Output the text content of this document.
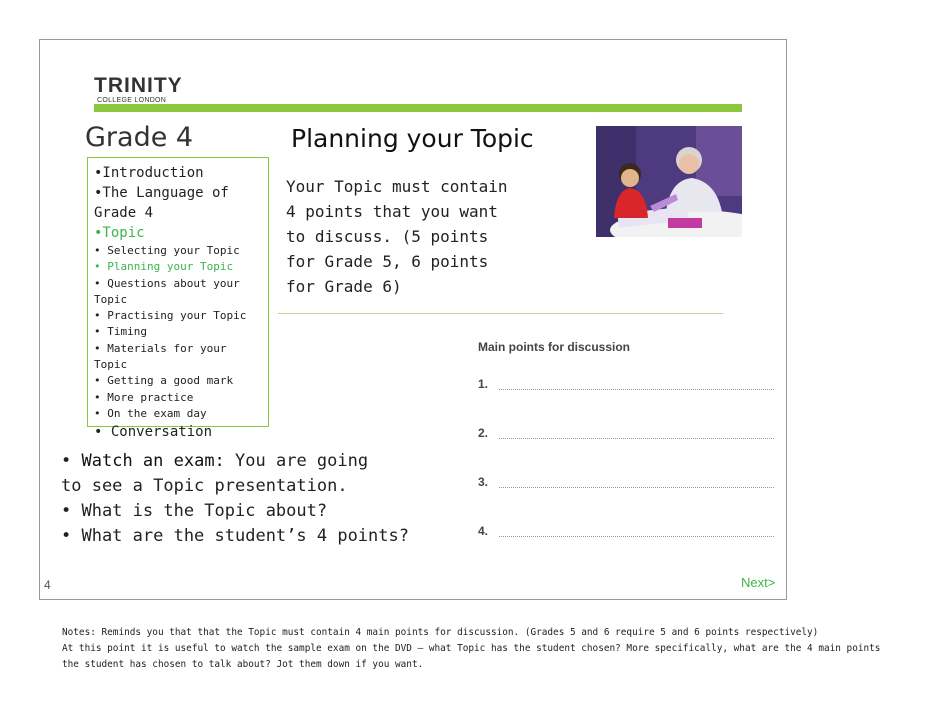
TRINITY
COLLEGE LONDON
Grade 4	Planning your Topic
•Introduction
•The Language of Grade 4
•Topic
• Selecting your Topic
• Planning your Topic
• Questions about your Topic
• Practising your Topic
• Timing
• Materials for your Topic
• Getting a good mark
• More practice
• On the exam day
• Conversation
Your Topic must contain 4 points that you want to discuss. (5 points for Grade 5, 6 points for Grade 6)
Main points for discussion
1.
2.
3.
4.
• Watch an exam: You are going
to see a Topic presentation.
• What is the Topic about?
• What are the student’s 4 points?
4	Next>
Notes: Reminds you that that the Topic must contain 4 main points for discussion. (Grades 5 and 6 require 5 and 6 points respectively)
At this point it is useful to watch the sample exam on the DVD – what Topic has the student chosen? More specifically, what are the 4 main points the student has chosen to talk about? Jot them down if you want.
